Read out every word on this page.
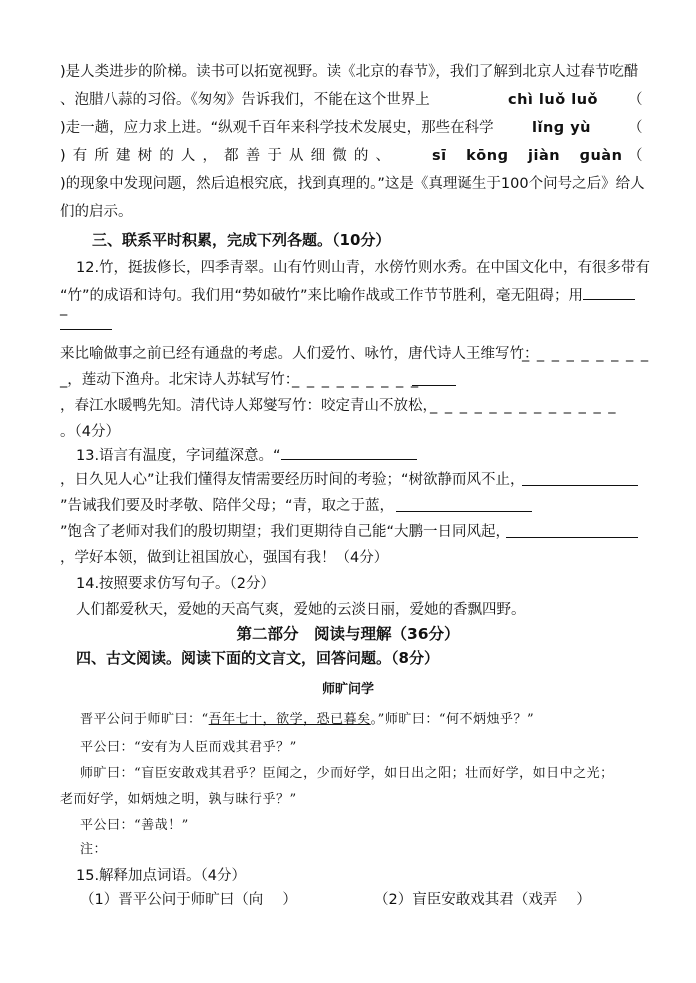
)是人类进步的阶梯。读书可以拓宽视野。读《北京的春节》，我们了解到北京人过春节吃醋
、泡腊八蒜的习俗。《匆匆》告诉我们，不能在这个世界上	chì luǒ luǒ （
)走一趟，应力求上进。“纵观千百年来科学技术发展史，那些在科学	lǐnɡ yù	（
)有所建树的人，都善于从细微的、	sī kōnɡ jiàn ɡuàn （
)的现象中发现问题，然后追根究底，找到真理的。”这是《真理诞生于100个问号之后》给人
们的启示。
三、联系平时积累，完成下列各题。（10分）
12.竹，挺拔修长，四季青翠。山有竹则山青，水傍竹则水秀。在中国文化中，有很多带有
“竹”的成语和诗句。我们用“势如破竹”来比喻作战或工作节节胜利，毫无阻碍；用
_
来比喻做事之前已经有通盘的考虑。人们爱竹、咏竹，唐代诗人王维写竹：
_ _ _ _ _ _ _ _ _
_，莲动下渔舟。北宋诗人苏轼写竹：
_ _ _ _ _ _ _ _ _
，春江水暖鸭先知。清代诗人郑燮写竹：咬定青山不放松，
_ _ _ _ _ _ _ _ _ _ _ _ _
。（4分）
13.语言有温度，字词蕴深意。“
，日久见人心”让我们懂得友情需要经历时间的考验；“树欲静而风不止，
”告诫我们要及时孝敬、陪伴父母；“青，取之于蓝，
”饱含了老师对我们的殷切期望；我们更期待自己能“大鹏一日同风起，
，学好本领，做到让祖国放心，强国有我！（4分）
14.按照要求仿写句子。（2分）
人们都爱秋天，爱她的天高气爽，爱她的云淡日丽，爱她的香飘四野。
第二部分　阅读与理解（36分）
四、古文阅读。阅读下面的文言文，回答问题。（8分）
师旷问学
晋平公问于师旷曰：“吾年七十，欲学，恐已暮矣。”师旷曰：“何不炳烛乎？”
平公曰：“安有为人臣而戏其君乎？”
师旷曰：“盲臣安敢戏其君乎？臣闻之，少而好学，如日出之阳；壮而好学，如日中之光；
老而好学，如炳烛之明，孰与昧行乎？”
平公曰：“善哉！”
注：
15.解释加点词语。（4分）
（1）晋平公问于师旷曰（向　 ）	（2）盲臣安敢戏其君（戏弄　 ）
